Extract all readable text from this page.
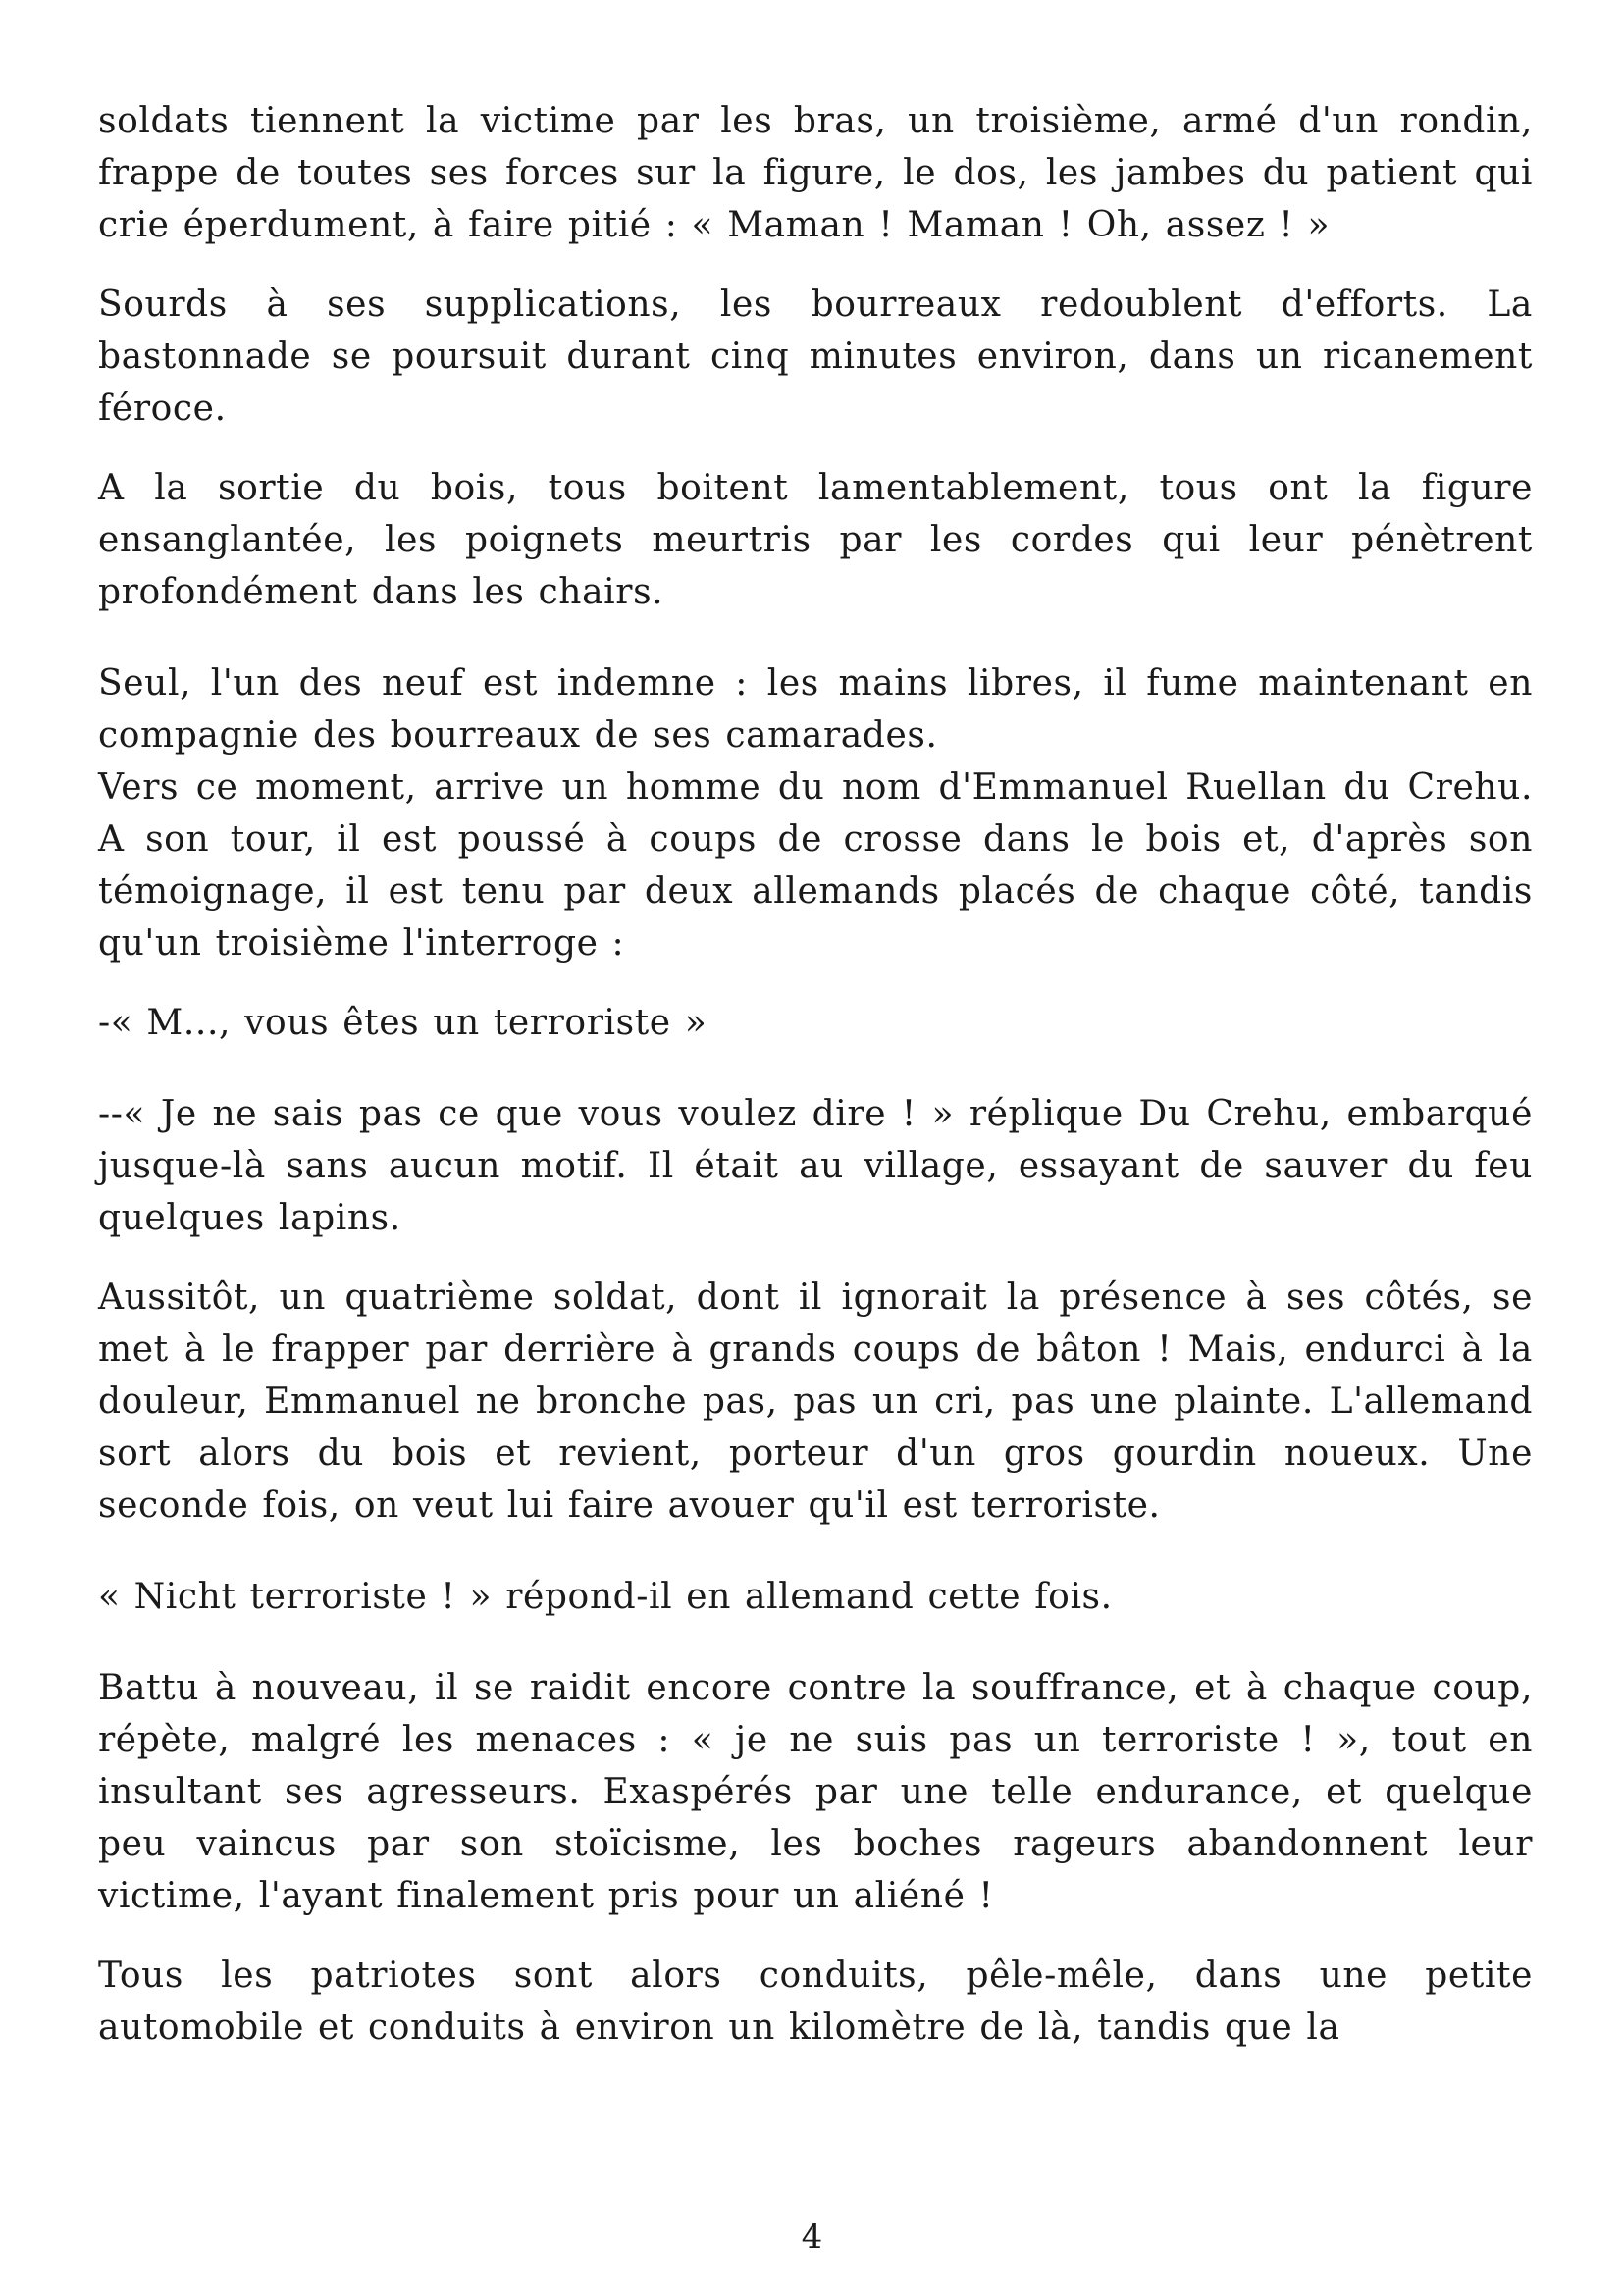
soldats tiennent la victime par les bras, un troisième, armé d'un rondin, frappe de toutes ses forces sur la figure, le dos, les jambes du patient qui crie éperdument, à faire pitié : « Maman ! Maman ! Oh, assez ! »

Sourds à ses supplications, les bourreaux redoublent d'efforts. La bastonnade se poursuit durant cinq minutes environ, dans un ricanement féroce.

A la sortie du bois, tous boitent lamentablement, tous ont la figure ensanglantée, les poignets meurtris par les cordes qui leur pénètrent profondément dans les chairs.

Seul, l'un des neuf est indemne : les mains libres, il fume maintenant en compagnie des bourreaux de ses camarades.

Vers ce moment, arrive un homme du nom d'Emmanuel Ruellan du Crehu. A son tour, il est poussé à coups de crosse dans le bois et, d'après son témoignage, il est tenu par deux allemands placés de chaque côté, tandis qu'un troisième l'interroge :

-« M..., vous êtes un terroriste »

--« Je ne sais pas ce que vous voulez dire ! » réplique Du Crehu, embarqué jusque-là sans aucun motif. Il était au village, essayant de sauver du feu quelques lapins.

Aussitôt, un quatrième soldat, dont il ignorait la présence à ses côtés, se met à le frapper par derrière à grands coups de bâton ! Mais, endurci à la douleur, Emmanuel ne bronche pas, pas un cri, pas une plainte. L'allemand sort alors du bois et revient, porteur d'un gros gourdin noueux. Une seconde fois, on veut lui faire avouer qu'il est terroriste.

« Nicht terroriste ! » répond-il en allemand cette fois.

Battu à nouveau, il se raidit encore contre la souffrance, et à chaque coup, répète, malgré les menaces : « je ne suis pas un terroriste ! », tout en insultant ses agresseurs. Exaspérés par une telle endurance, et quelque peu vaincus par son stoïcisme, les boches rageurs abandonnent leur victime, l'ayant finalement pris pour un aliéné !

Tous les patriotes sont alors conduits, pêle-mêle, dans une petite automobile et conduits à environ un kilomètre de là, tandis que la

4
